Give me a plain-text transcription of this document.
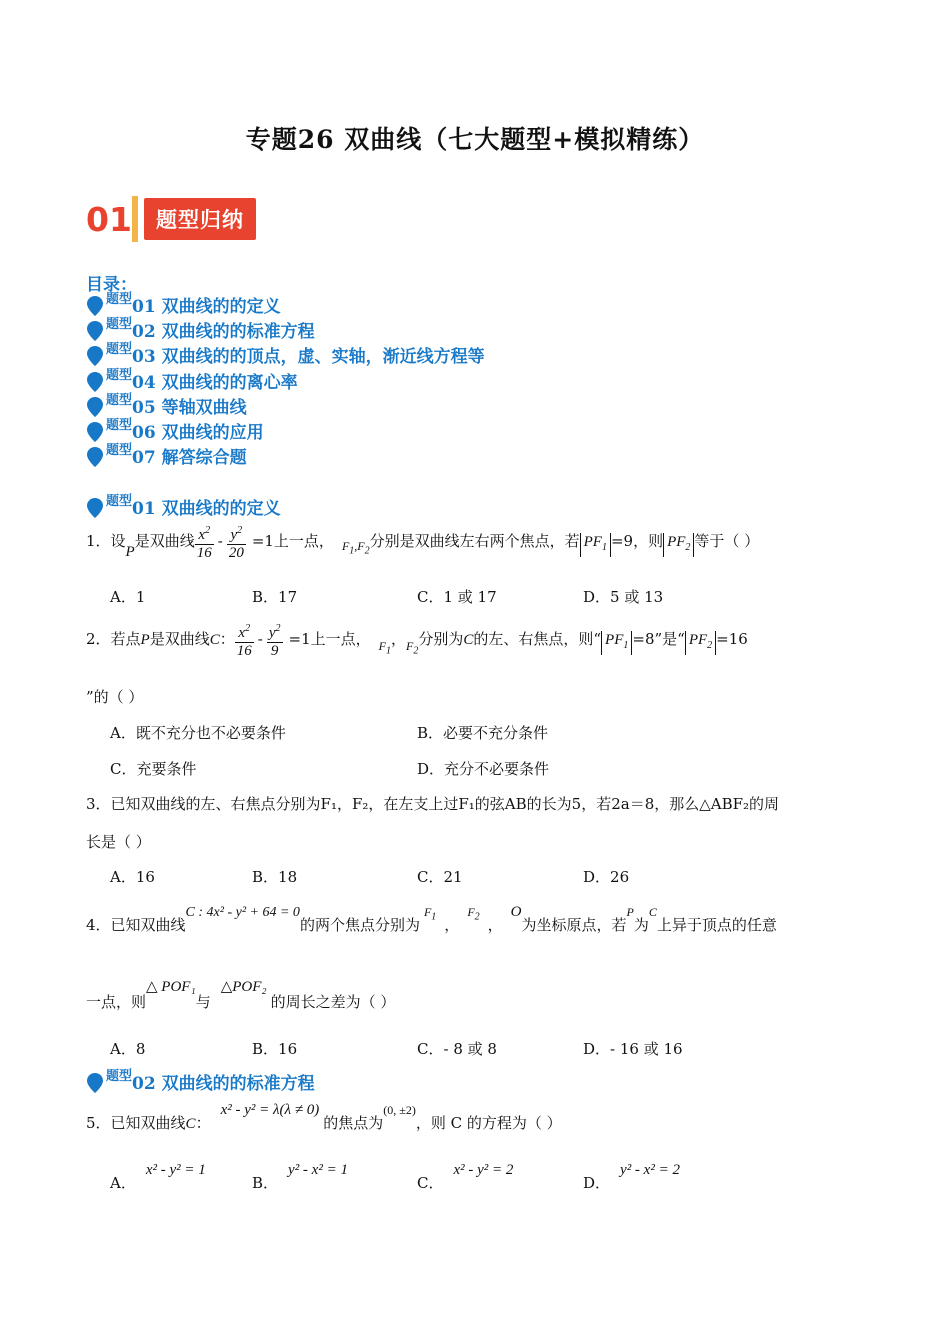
专题26 双曲线（七大题型+模拟精练）
01	题型归纳
目录：
题型 01 双曲线的的定义
题型 02 双曲线的的标准方程
题型 03 双曲线的的顶点，虚、实轴，渐近线方程等
题型 04 双曲线的的离心率
题型 05 等轴双曲线
题型 06 双曲线的应用
题型 07 解答综合题
题型 01 双曲线的的定义
1．设P是双曲线 $\frac{x^2}{16} - \frac{y^2}{20} =1$上一点， $_{F_1,F_2}$分别是双曲线左右两个焦点，若 $PF_1 =9$，则 $PF_2$ 等于（ ）
A．1	B．17	C．1 或 17	D．5 或 13
2．若点P是双曲线C： $\frac{x^2}{16} - \frac{y^2}{9} =1$上一点， $_{F_1}$，$_{F_2}$分别为C的左、右焦点，则“ $PF_1 =8$”是“ $PF_2 =16$
”的（ ）
A．既不充分也不必要条件	B．必要不充分条件
C．充要条件	D．充分不必要条件
3．已知双曲线的左、右焦点分别为F₁，F₂，在左支上过F₁的弦AB的长为5，若2a＝8，那么△ABF₂的周
长是（ ）
A．16	B．18	C．21	D．26
4．已知双曲线C : 4x² - y² + 64 = 0的两个焦点分别为$F_1$ ，$F_2$ ，O为坐标原点，若P为C上异于顶点的任意
一点，则△ POF₁与△POF₂的周长之差为（ ）
A．8	B．16	C．- 8 或 8	D．- 16 或 16
题型 02 双曲线的的标准方程
5．已知双曲线C：x² - y² = λ(λ ≠ 0)的焦点为(0, ±2)，则 C 的方程为（ ）
A．x² - y² = 1
B．y² - x² = 1
C．x² - y² = 2
D．y² - x² = 2
